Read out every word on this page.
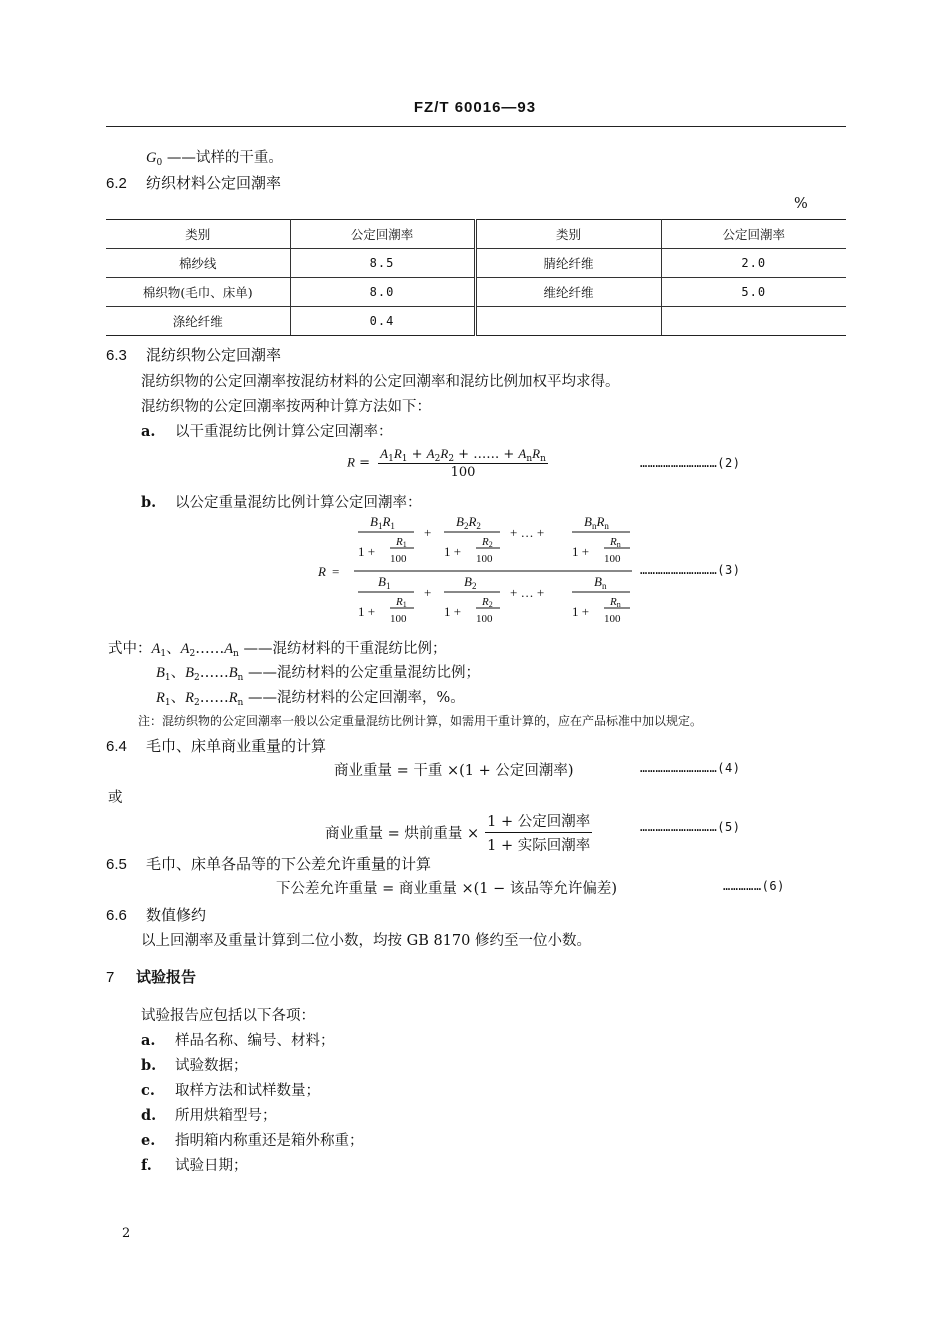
FZ/T 60016—93
$G_0$ ——试样的干重。
6.2 纺织材料公定回潮率
%
类别	公定回潮率	类别	公定回潮率
棉纱线	8.5	腈纶纤维	2.0
棉织物(毛巾、床单)	8.0	维纶纤维	5.0
涤纶纤维	0.4		
6.3 混纺织物公定回潮率
混纺织物的公定回潮率按混纺材料的公定回潮率和混纺比例加权平均求得。
混纺织物的公定回潮率按两种计算方法如下：
a. 以干重混纺比例计算公定回潮率：
$R = \frac{A_1R_1 + A_2R_2 + \dots\dots + A_nR_n}{100}$	…………………………(2)
b. 以公定重量混纺比例计算公定回潮率：
R =
$B_1R_1$
1 +
R1
100
+
$B_2R_2$
1 +
R2
100
+ … +
$B_nR_n$
1 +
Rn
100
$B_1$
1 +
R1
100
+
$B_2$
1 +
R2
100
+ … +
$B_n$
1 +
Rn
100
…………………………(3)
式中：$A_1$、$A_2\dots\dots A_n$ ——混纺材料的干重混纺比例；
$B_1$、$B_2\dots\dots B_n$ ——混纺材料的公定重量混纺比例；
$R_1$、$R_2\dots\dots R_n$ ——混纺材料的公定回潮率，%。
注：混纺织物的公定回潮率一般以公定重量混纺比例计算，如需用干重计算的，应在产品标准中加以规定。
6.4 毛巾、床单商业重量的计算
商业重量 = 干重 ×(1 + 公定回潮率)	…………………………(4)
或
商业重量 = 烘前重量 × $\frac{\text{1 + 公定回潮率}}{\text{1 + 实际回潮率}}$	…………………………(5)
6.5 毛巾、床单各品等的下公差允许重量的计算
下公差允许重量 = 商业重量 ×(1 − 该品等允许偏差)	……………(6)
6.6 数值修约
以上回潮率及重量计算到二位小数，均按 GB 8170 修约至一位小数。
7 试验报告
试验报告应包括以下各项：
a. 样品名称、编号、材料；
b. 试验数据；
c. 取样方法和试样数量；
d. 所用烘箱型号；
e. 指明箱内称重还是箱外称重；
f. 试验日期；
2
